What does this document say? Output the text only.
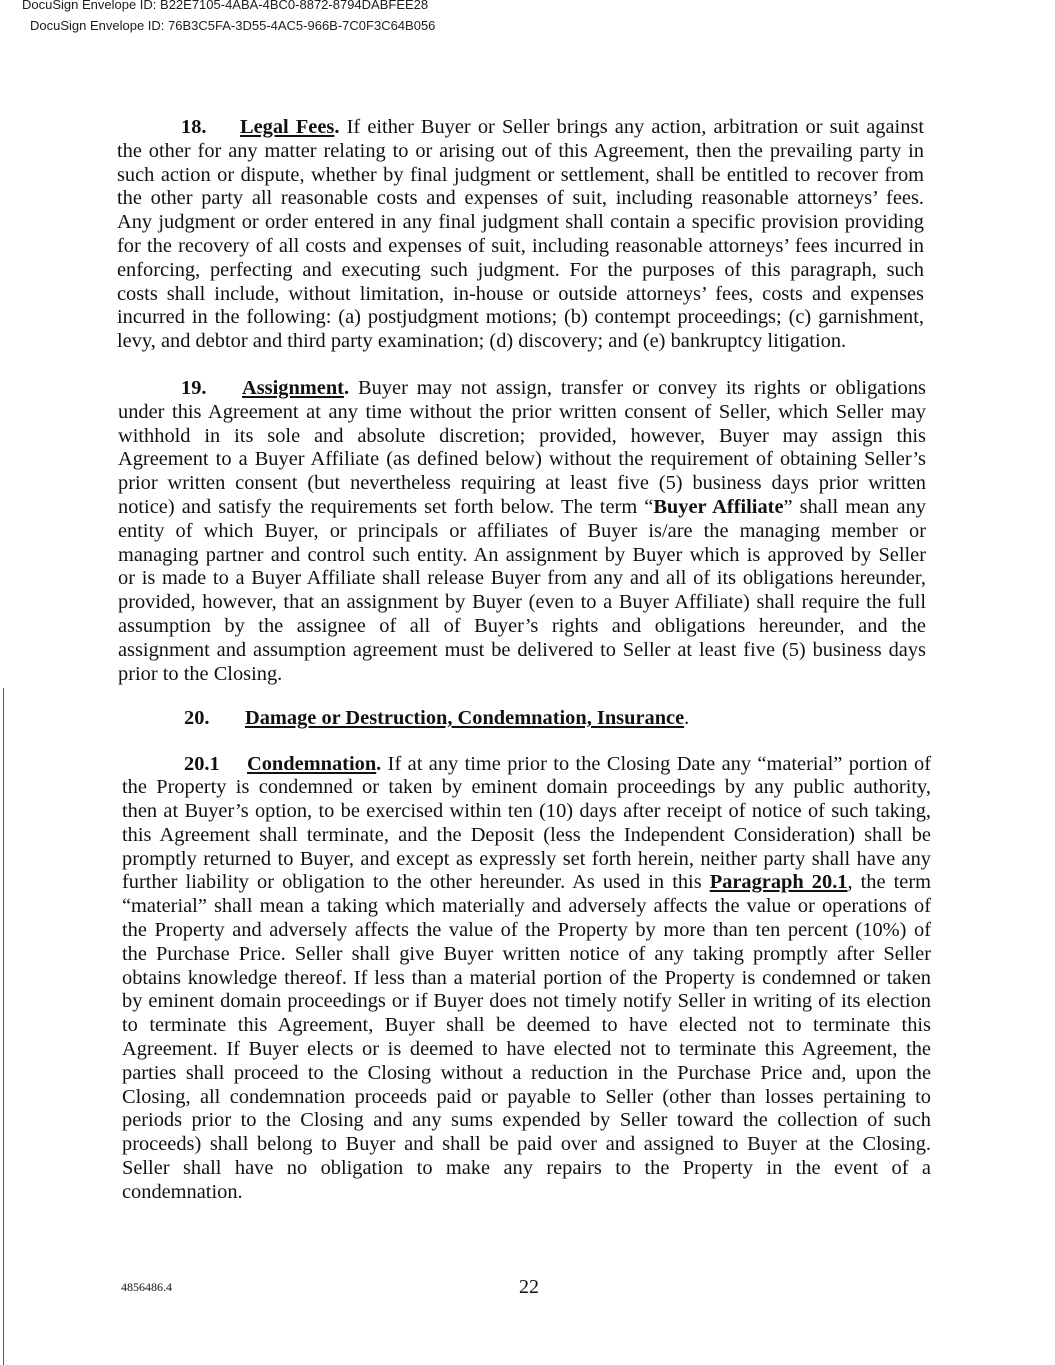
DocuSign Envelope ID: B22E7105-4ABA-4BC0-8872-8794DABFEE28
DocuSign Envelope ID: 76B3C5FA-3D55-4AC5-966B-7C0F3C64B056
18. Legal Fees. If either Buyer or Seller brings any action, arbitration or suit against
the other for any matter relating to or arising out of this Agreement, then the prevailing party in
such action or dispute, whether by final judgment or settlement, shall be entitled to recover from
the other party all reasonable costs and expenses of suit, including reasonable attorneys’ fees.
Any judgment or order entered in any final judgment shall contain a specific provision providing
for the recovery of all costs and expenses of suit, including reasonable attorneys’ fees incurred in
enforcing, perfecting and executing such judgment. For the purposes of this paragraph, such
costs shall include, without limitation, in-house or outside attorneys’ fees, costs and expenses
incurred in the following: (a) postjudgment motions; (b) contempt proceedings; (c) garnishment,
levy, and debtor and third party examination; (d) discovery; and (e) bankruptcy litigation.
19. Assignment. Buyer may not assign, transfer or convey its rights or obligations
under this Agreement at any time without the prior written consent of Seller, which Seller may
withhold in its sole and absolute discretion; provided, however, Buyer may assign this
Agreement to a Buyer Affiliate (as defined below) without the requirement of obtaining Seller’s
prior written consent (but nevertheless requiring at least five (5) business days prior written
notice) and satisfy the requirements set forth below. The term “Buyer Affiliate” shall mean any
entity of which Buyer, or principals or affiliates of Buyer is/are the managing member or
managing partner and control such entity. An assignment by Buyer which is approved by Seller
or is made to a Buyer Affiliate shall release Buyer from any and all of its obligations hereunder,
provided, however, that an assignment by Buyer (even to a Buyer Affiliate) shall require the full
assumption by the assignee of all of Buyer’s rights and obligations hereunder, and the
assignment and assumption agreement must be delivered to Seller at least five (5) business days
prior to the Closing.
20. Damage or Destruction, Condemnation, Insurance.
20.1 Condemnation. If at any time prior to the Closing Date any “material” portion of
the Property is condemned or taken by eminent domain proceedings by any public authority,
then at Buyer’s option, to be exercised within ten (10) days after receipt of notice of such taking,
this Agreement shall terminate, and the Deposit (less the Independent Consideration) shall be
promptly returned to Buyer, and except as expressly set forth herein, neither party shall have any
further liability or obligation to the other hereunder. As used in this Paragraph 20.1, the term
“material” shall mean a taking which materially and adversely affects the value or operations of
the Property and adversely affects the value of the Property by more than ten percent (10%) of
the Purchase Price. Seller shall give Buyer written notice of any taking promptly after Seller
obtains knowledge thereof. If less than a material portion of the Property is condemned or taken
by eminent domain proceedings or if Buyer does not timely notify Seller in writing of its election
to terminate this Agreement, Buyer shall be deemed to have elected not to terminate this
Agreement. If Buyer elects or is deemed to have elected not to terminate this Agreement, the
parties shall proceed to the Closing without a reduction in the Purchase Price and, upon the
Closing, all condemnation proceeds paid or payable to Seller (other than losses pertaining to
periods prior to the Closing and any sums expended by Seller toward the collection of such
proceeds) shall belong to Buyer and shall be paid over and assigned to Buyer at the Closing.
Seller shall have no obligation to make any repairs to the Property in the event of a
condemnation.
4856486.4	22
